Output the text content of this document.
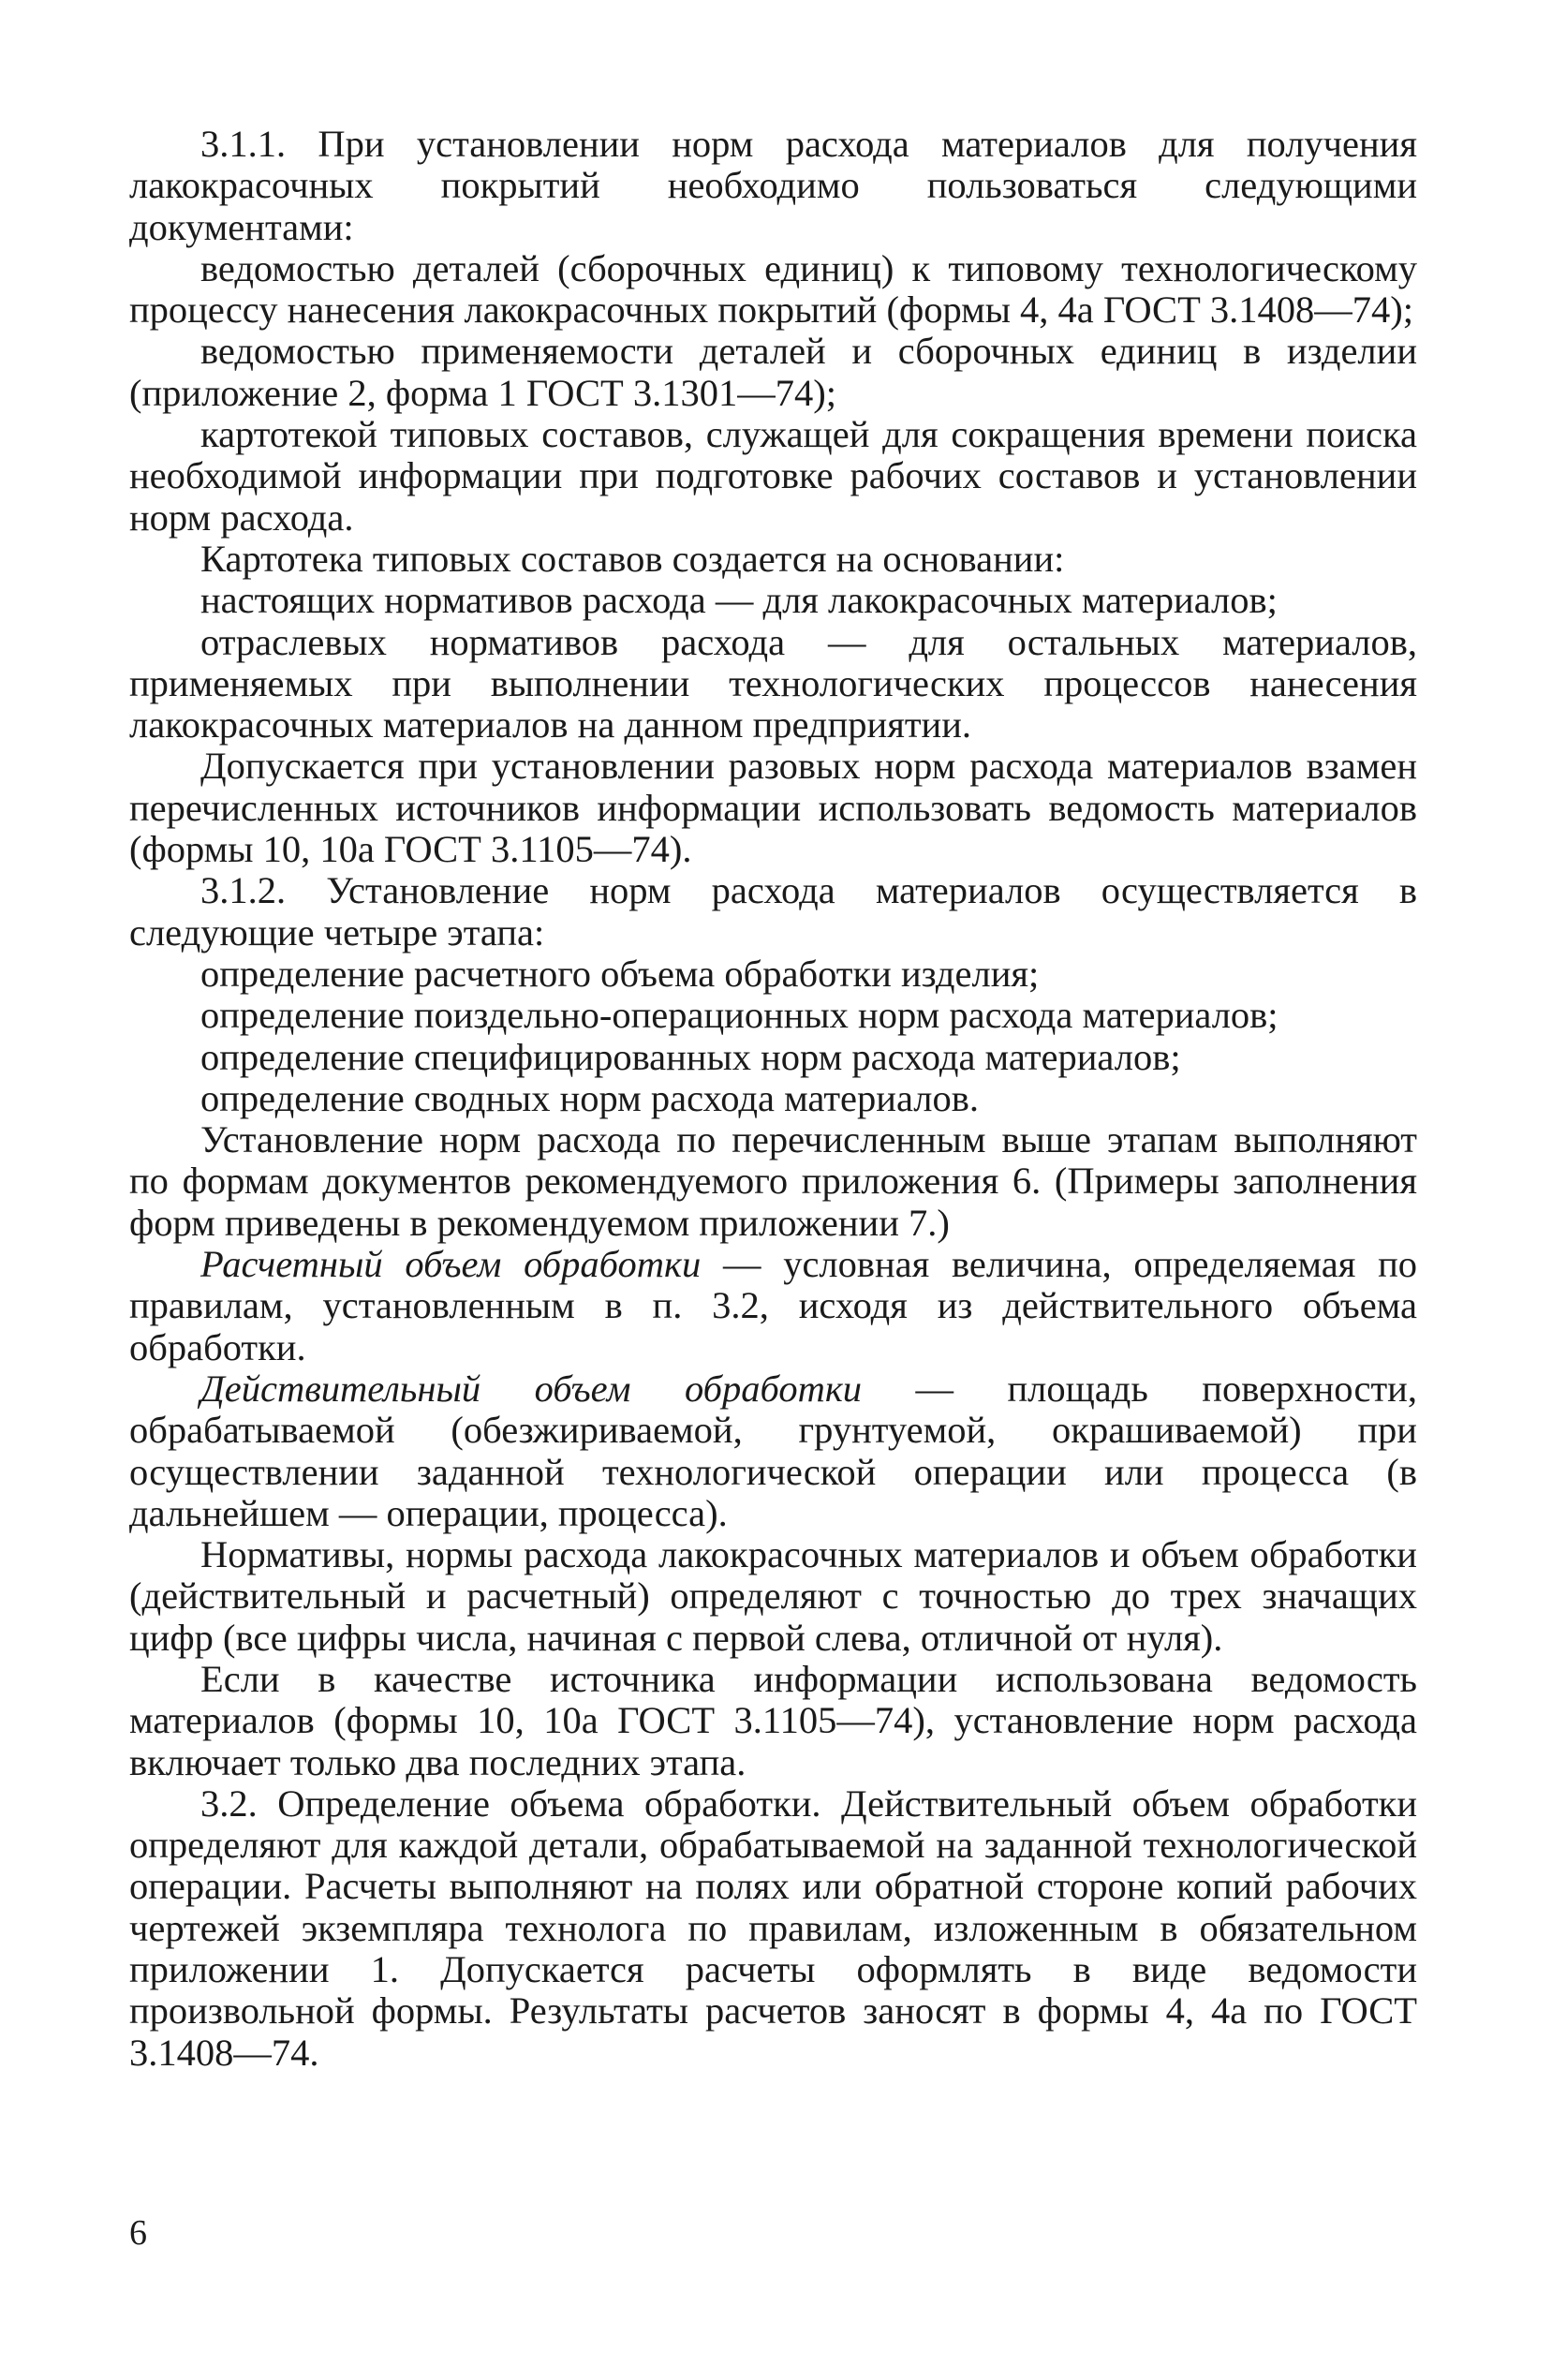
3.1.1. При установлении норм расхода материалов для получения лакокрасочных покрытий необходимо пользоваться следующими документами:

ведомостью деталей (сборочных единиц) к типовому технологическому процессу нанесения лакокрасочных покрытий (формы 4, 4а ГОСТ 3.1408—74);

ведомостью применяемости деталей и сборочных единиц в изделии (приложение 2, форма 1 ГОСТ 3.1301—74);

картотекой типовых составов, служащей для сокращения времени поиска необходимой информации при подготовке рабочих составов и установлении норм расхода.

Картотека типовых составов создается на основании:

настоящих нормативов расхода — для лакокрасочных материалов;

отраслевых нормативов расхода — для остальных материалов, применяемых при выполнении технологических процессов нанесения лакокрасочных материалов на данном предприятии.

Допускается при установлении разовых норм расхода материалов взамен перечисленных источников информации использовать ведомость материалов (формы 10, 10а ГОСТ 3.1105—74).

3.1.2. Установление норм расхода материалов осуществляется в следующие четыре этапа:

определение расчетного объема обработки изделия;

определение поиздельно-операционных норм расхода материалов;

определение специфицированных норм расхода материалов;

определение сводных норм расхода материалов.

Установление норм расхода по перечисленным выше этапам выполняют по формам документов рекомендуемого приложения 6. (Примеры заполнения форм приведены в рекомендуемом приложении 7.)

Расчетный объем обработки — условная величина, определяемая по правилам, установленным в п. 3.2, исходя из действительного объема обработки.

Действительный объем обработки — площадь поверхности, обрабатываемой (обезжириваемой, грунтуемой, окрашиваемой) при осуществлении заданной технологической операции или процесса (в дальнейшем — операции, процесса).

Нормативы, нормы расхода лакокрасочных материалов и объем обработки (действительный и расчетный) определяют с точностью до трех значащих цифр (все цифры числа, начиная с первой слева, отличной от нуля).

Если в качестве источника информации использована ведомость материалов (формы 10, 10а ГОСТ 3.1105—74), установление норм расхода включает только два последних этапа.

3.2. Определение объема обработки. Действительный объем обработки определяют для каждой детали, обрабатываемой на заданной технологической операции. Расчеты выполняют на полях или обратной стороне копий рабочих чертежей экземпляра технолога по правилам, изложенным в обязательном приложении 1. Допускается расчеты оформлять в виде ведомости произвольной формы. Результаты расчетов заносят в формы 4, 4а по ГОСТ 3.1408—74.

6
